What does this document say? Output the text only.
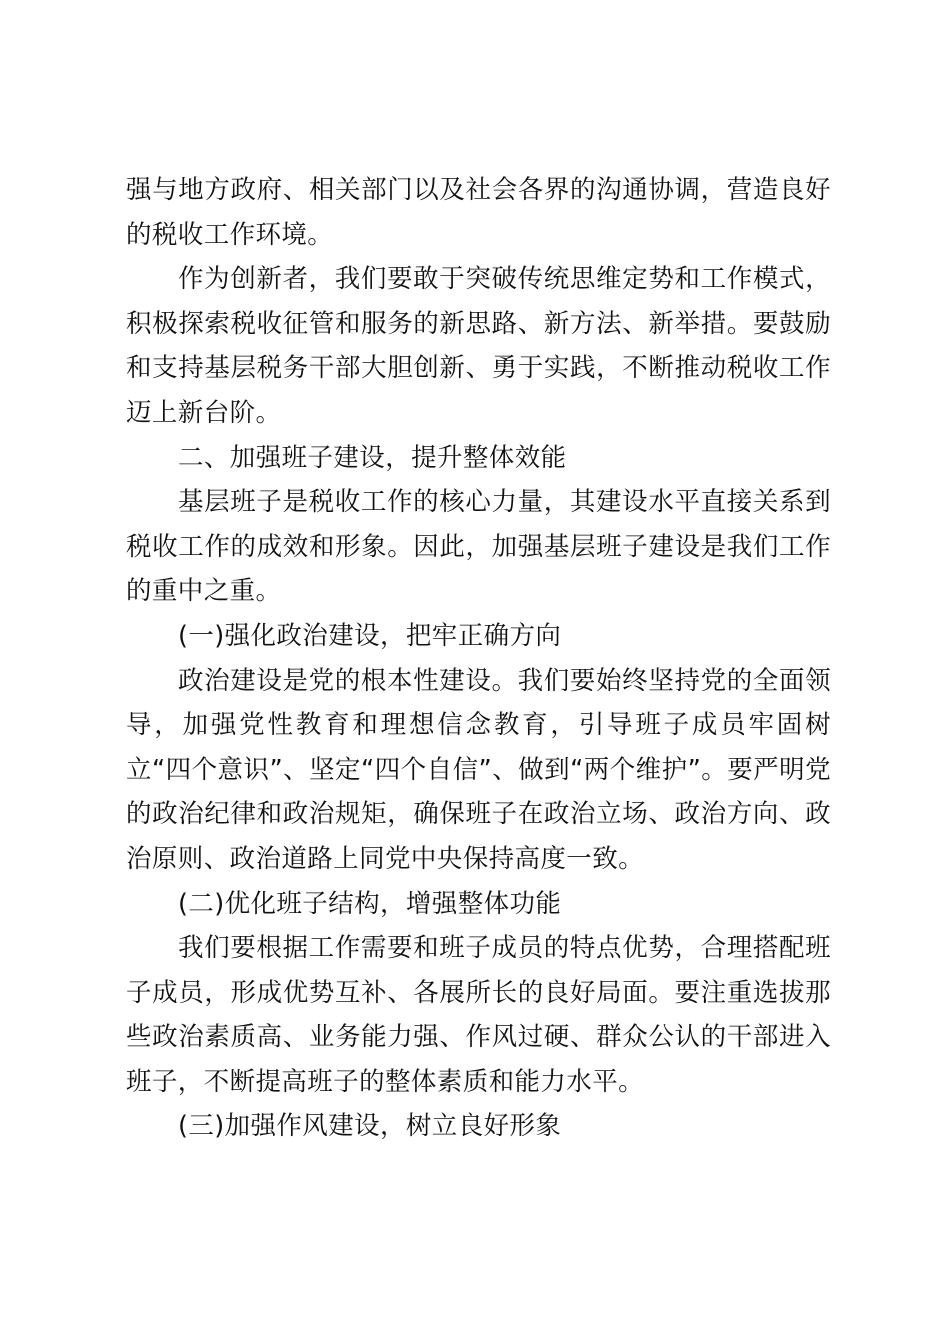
强与地方政府、相关部门以及社会各界的沟通协调，营造良好的税收工作环境。

作为创新者，我们要敢于突破传统思维定势和工作模式，积极探索税收征管和服务的新思路、新方法、新举措。要鼓励和支持基层税务干部大胆创新、勇于实践，不断推动税收工作迈上新台阶。

二、加强班子建设，提升整体效能

基层班子是税收工作的核心力量，其建设水平直接关系到税收工作的成效和形象。因此，加强基层班子建设是我们工作的重中之重。

(一)强化政治建设，把牢正确方向

政治建设是党的根本性建设。我们要始终坚持党的全面领导，加强党性教育和理想信念教育，引导班子成员牢固树立“四个意识”、坚定“四个自信”、做到“两个维护”。要严明党的政治纪律和政治规矩，确保班子在政治立场、政治方向、政治原则、政治道路上同党中央保持高度一致。

(二)优化班子结构，增强整体功能

我们要根据工作需要和班子成员的特点优势，合理搭配班子成员，形成优势互补、各展所长的良好局面。要注重选拔那些政治素质高、业务能力强、作风过硬、群众公认的干部进入班子，不断提高班子的整体素质和能力水平。

(三)加强作风建设，树立良好形象
